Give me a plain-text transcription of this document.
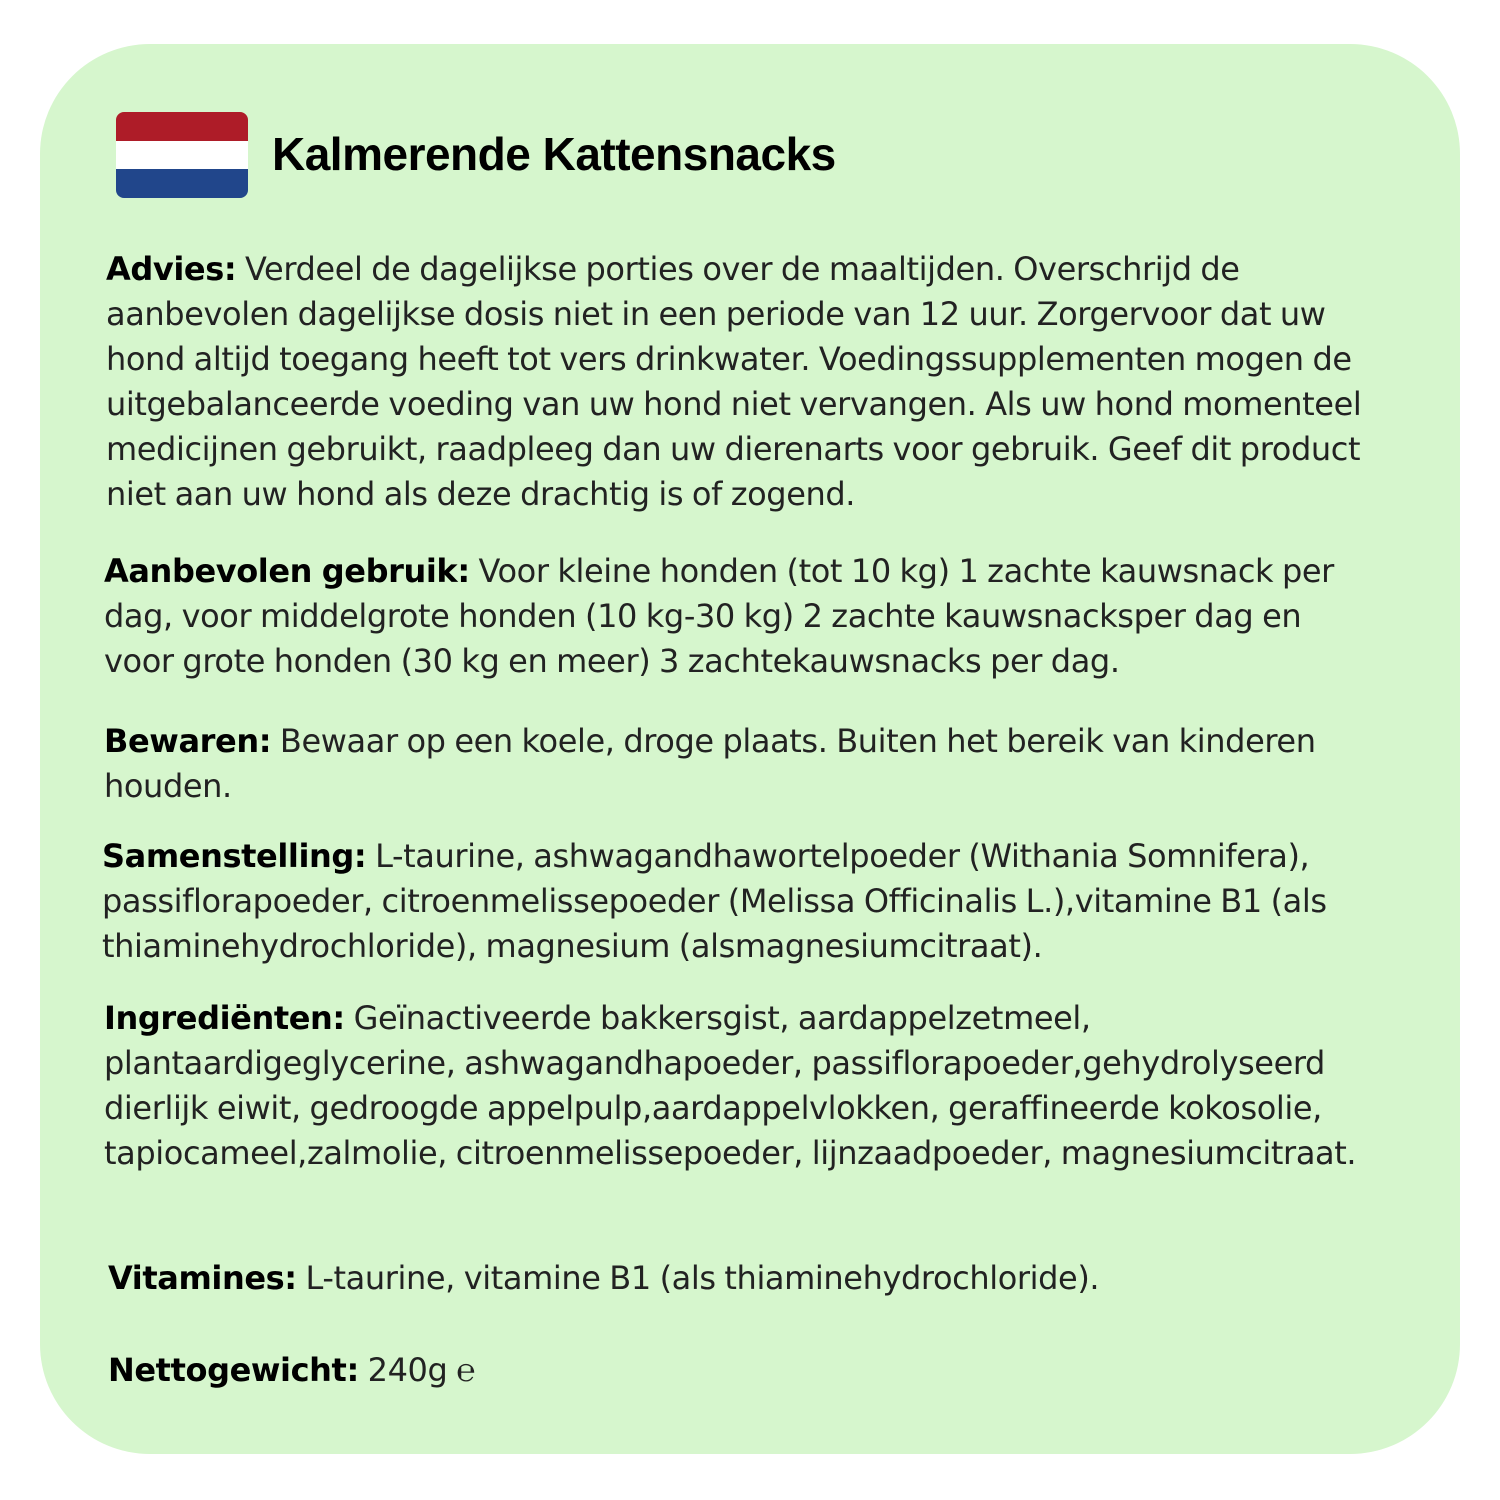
Kalmerende Kattensnacks

Advies: Verdeel de dagelijkse porties over de maaltijden. Overschrijd de aanbevolen dagelijkse dosis niet in een periode van 12 uur. Zorgervoor dat uw hond altijd toegang heeft tot vers drinkwater. Voedingssupplementen mogen de uitgebalanceerde voeding van uw hond niet vervangen. Als uw hond momenteel medicijnen gebruikt, raadpleeg dan uw dierenarts voor gebruik. Geef dit product niet aan uw hond als deze drachtig is of zogend.

Aanbevolen gebruik: Voor kleine honden (tot 10 kg) 1 zachte kauwsnack per dag, voor middelgrote honden (10 kg-30 kg) 2 zachte kauwsnacksper dag en voor grote honden (30 kg en meer) 3 zachtekauwsnacks per dag.

Bewaren: Bewaar op een koele, droge plaats. Buiten het bereik van kinderen houden.

Samenstelling: L-taurine, ashwagandhawortelpoeder (Withania Somnifera), passiflorapoeder, citroenmelissepoeder (Melissa Officinalis L.),vitamine B1 (als thiaminehydrochloride), magnesium (alsmagnesiumcitraat).

Ingrediënten: Geïnactiveerde bakkersgist, aardappelzetmeel, plantaardigeglycerine, ashwagandhapoeder, passiflorapoeder,gehydrolyseerd dierlijk eiwit, gedroogde appelpulp,aardappelvlokken, geraffineerde kokosolie, tapiocameel,zalmolie, citroenmelissepoeder, lijnzaadpoeder, magnesiumcitraat.

Vitamines: L-taurine, vitamine B1 (als thiaminehydrochloride).

Nettogewicht: 240g ℮
